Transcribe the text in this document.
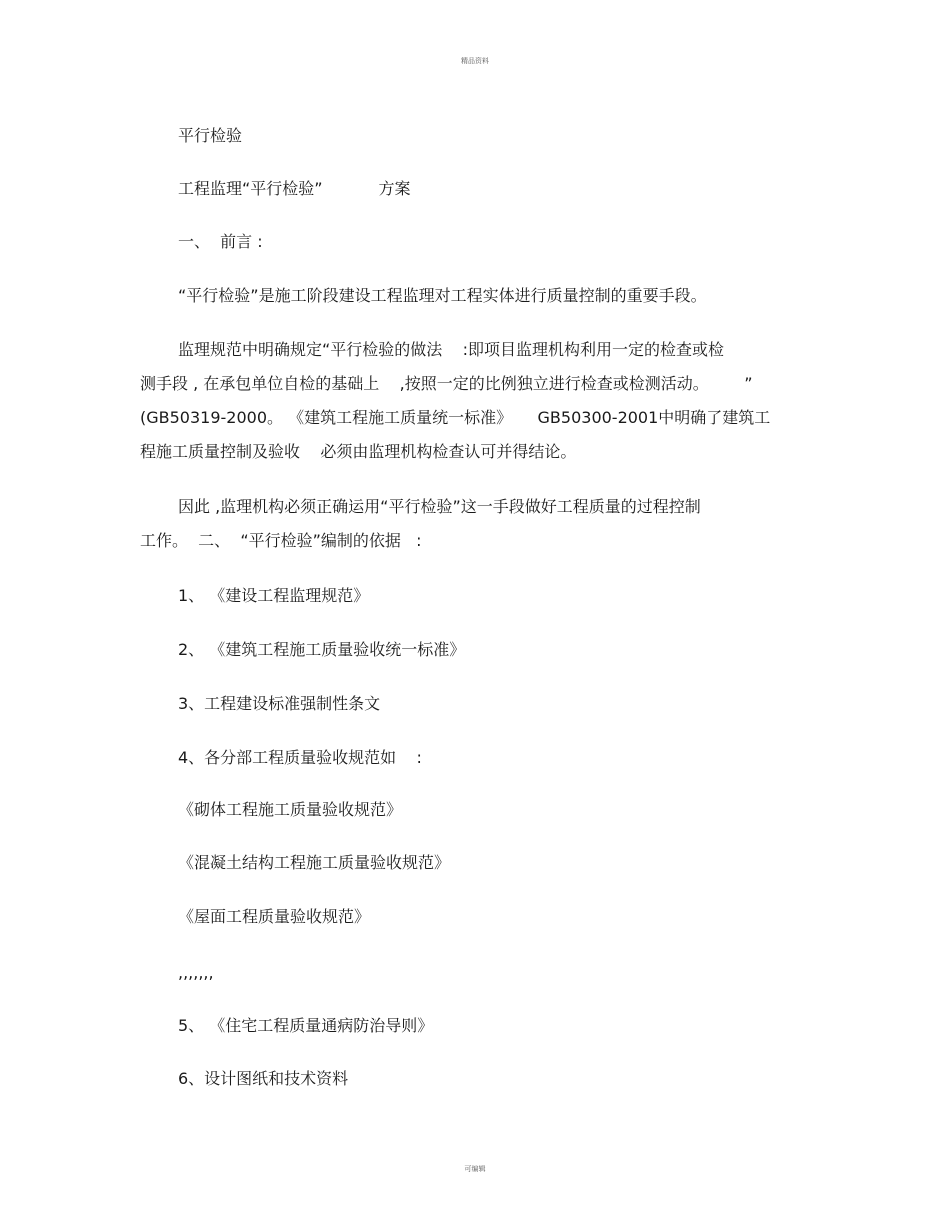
精品资料
平行检验
工程监理“平行检验”           方案
一、  前言 :
“平行检验”是施工阶段建设工程监理对工程实体进行质量控制的重要手段。
监理规范中明确规定“平行检验的做法    :即项目监理机构利用一定的检查或检
测手段 , 在承包单位自检的基础上    ,按照一定的比例独立进行检查或检测活动。       ”
(GB50319-2000。 《建筑工程施工质量统一标准》     GB50300-2001中明确了建筑工
程施工质量控制及验收    必须由监理机构检查认可并得结论。
因此 ,监理机构必须正确运用“平行检验”这一手段做好工程质量的过程控制
工作。  二、  “平行检验”编制的依据   :
1、 《建设工程监理规范》
2、 《建筑工程施工质量验收统一标准》
3、工程建设标准强制性条文
4、各分部工程质量验收规范如    :
《砌体工程施工质量验收规范》
《混凝土结构工程施工质量验收规范》
《屋面工程质量验收规范》
,,,,,,,
5、 《住宅工程质量通病防治导则》
6、设计图纸和技术资料
可编辑
